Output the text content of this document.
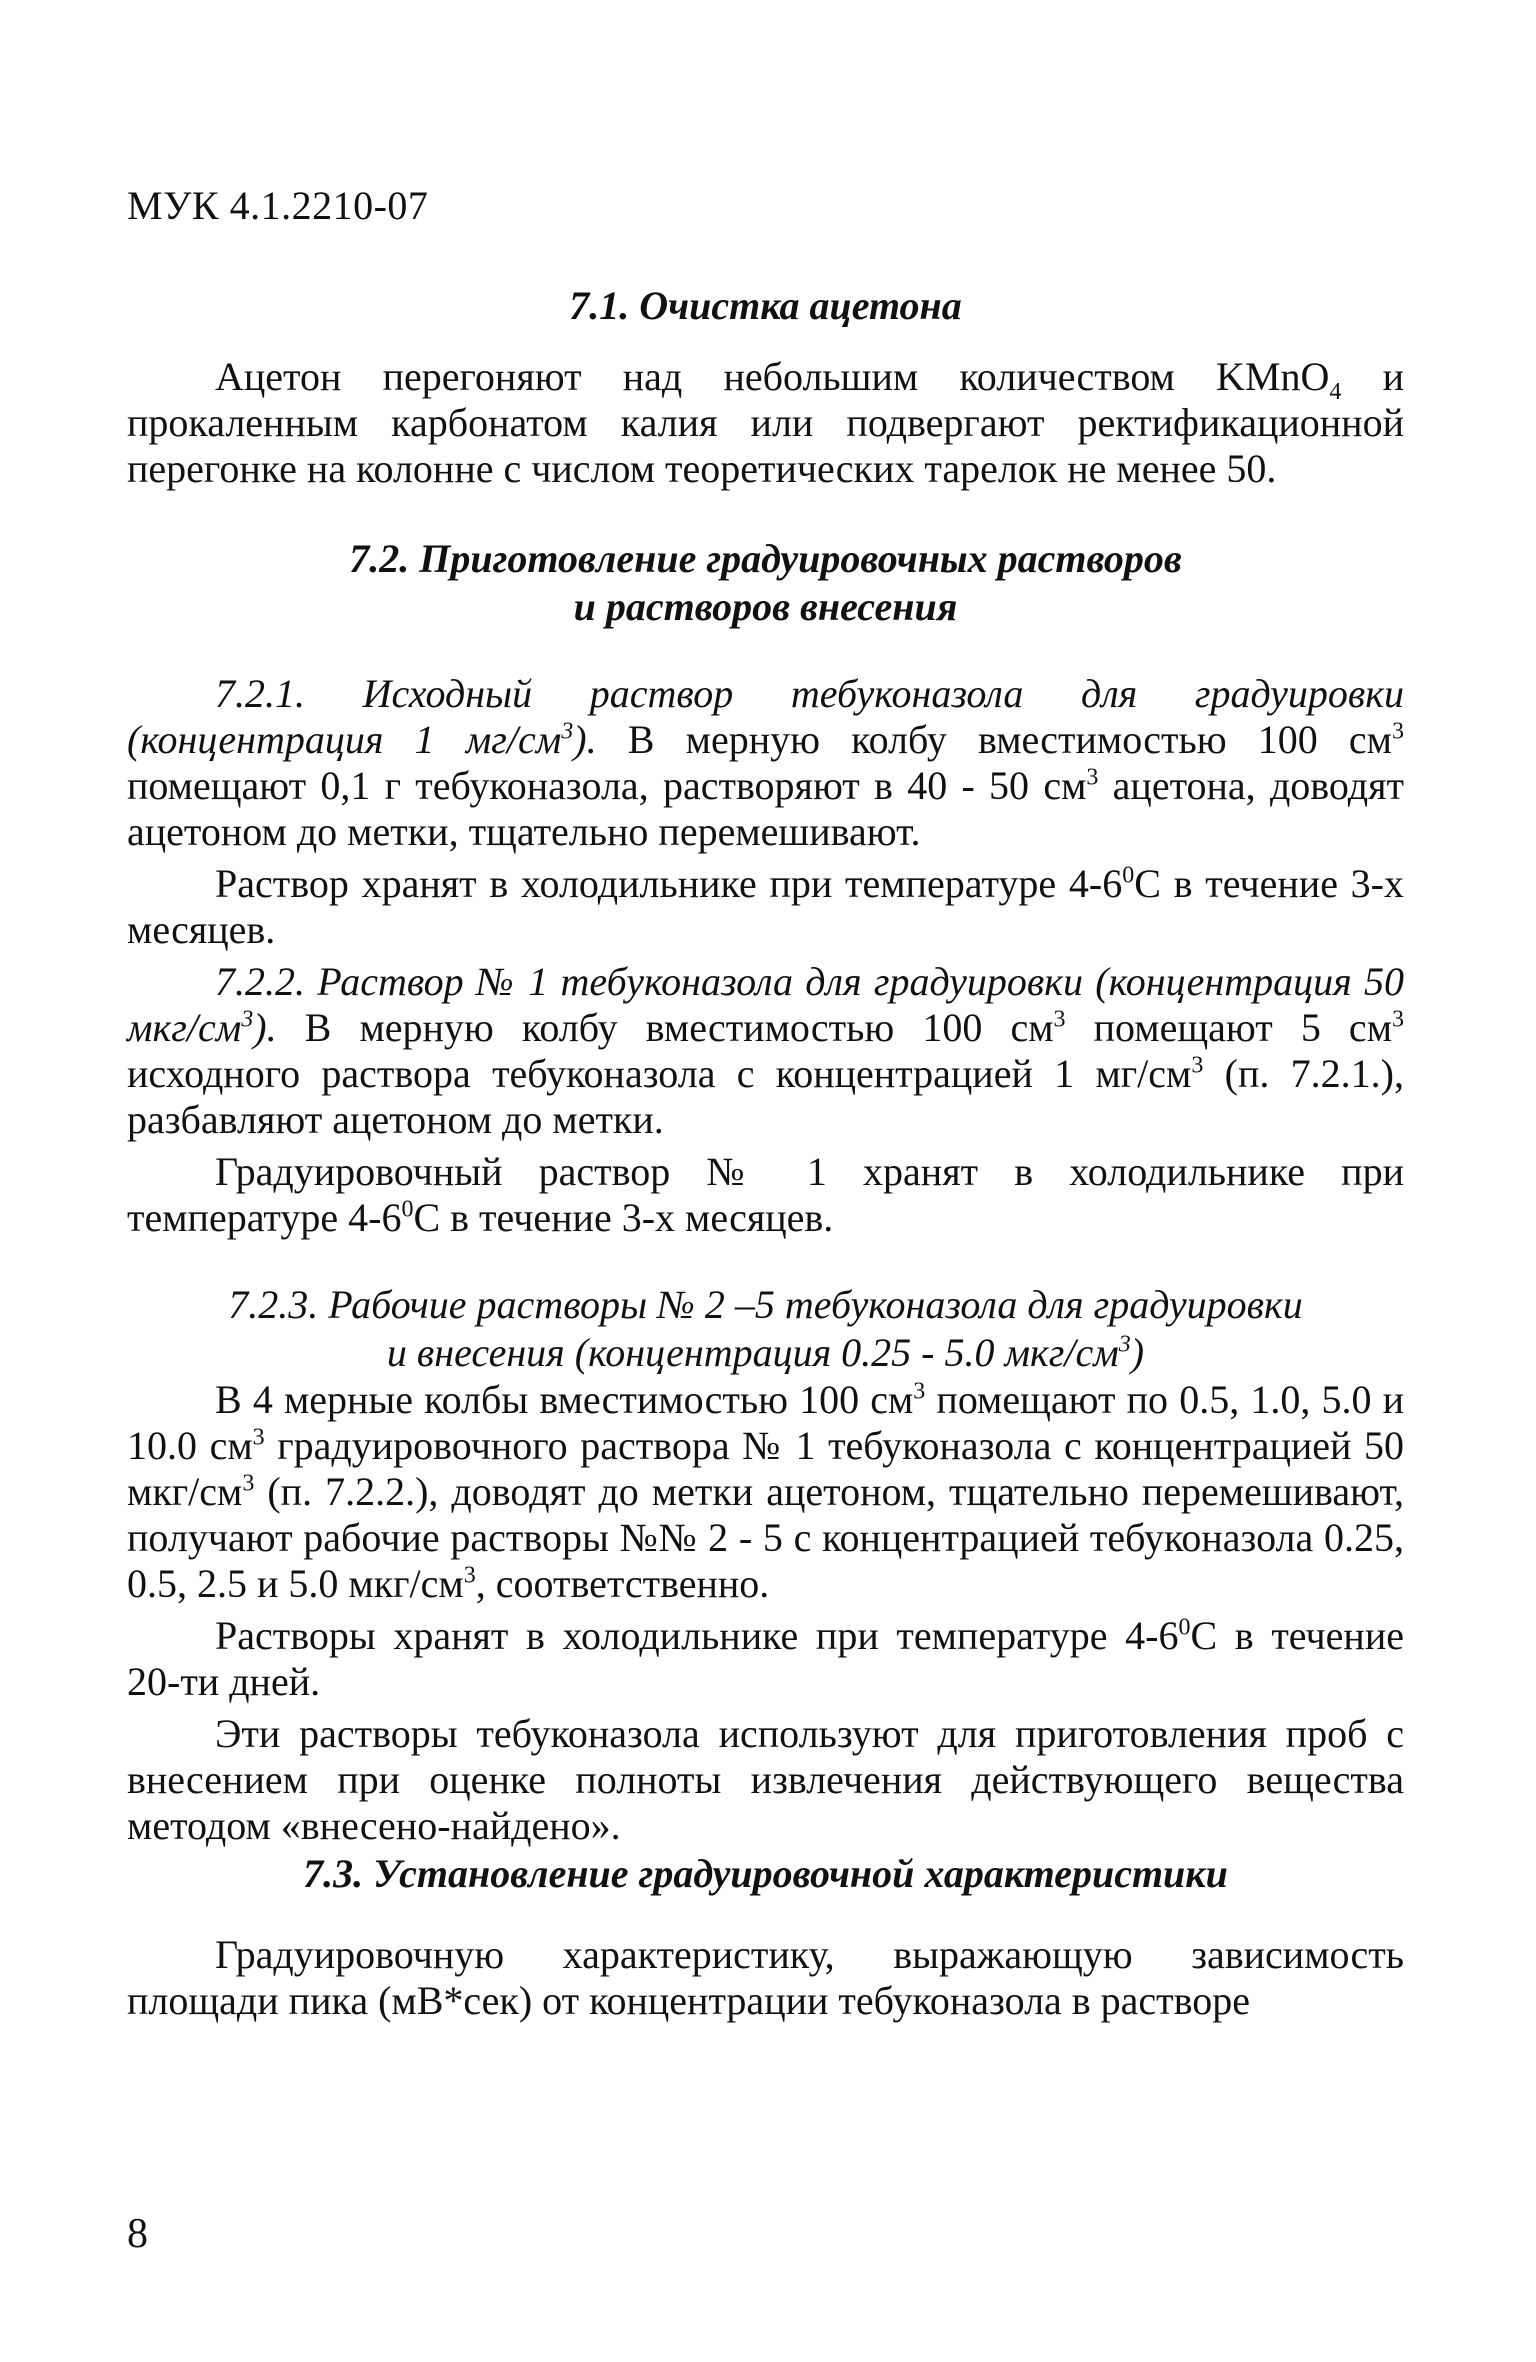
МУК 4.1.2210-07
7.1. Очистка ацетона

Ацетон перегоняют над небольшим количеством KMnO$_4$ и прокаленным карбонатом калия или подвергают ректификационной перегонке на колонне с числом теоретических тарелок не менее 50.

7.2. Приготовление градуировочных растворов
и растворов внесения

7.2.1. Исходный раствор тебуконазола для градуировки (концентрация 1 $мг/см^3$). В мерную колбу вместимостью 100 $см^3$ помещают 0,1 г тебуконазола, растворяют в 40 - 50 $см^3$ ацетона, доводят ацетоном до метки, тщательно перемешивают.

Раствор хранят в холодильнике при температуре $4-6^0С$ в течение 3-х месяцев.

7.2.2. Раствор № 1 тебуконазола для градуировки (концентрация 50 мкг/$см^3$). В мерную колбу вместимостью 100 $см^3$ помещают 5 $см^3$ исходного раствора тебуконазола с концентрацией 1 $мг/см^3$ (п. 7.2.1.), разбавляют ацетоном до метки.

Градуировочный раствор № 1 хранят в холодильнике при температуре $4-6^0С$ в течение 3-х месяцев.

7.2.3. Рабочие растворы № 2 –5 тебуконазола для градуировки
и внесения (концентрация 0.25 - 5.0 мкг/$см^3$)

В 4 мерные колбы вместимостью 100 $см^3$ помещают по 0.5, 1.0, 5.0 и 10.0 $см^3$ градуировочного раствора № 1 тебуконазола с концентрацией 50 мкг/$см^3$ (п. 7.2.2.), доводят до метки ацетоном, тщательно перемешивают, получают рабочие растворы №№ 2 - 5 с концентрацией тебуконазола 0.25, 0.5, 2.5 и 5.0 мкг/$см^3$, соответственно.

Растворы хранят в холодильнике при температуре $4-6^0С$ в течение 20-ти дней.

Эти растворы тебуконазола используют для приготовления проб с внесением при оценке полноты извлечения действующего вещества методом «внесено-найдено».

7.3. Установление градуировочной характеристики

Градуировочную характеристику, выражающую зависимость площади пика (мВ*сек) от концентрации тебуконазола в растворе

8
